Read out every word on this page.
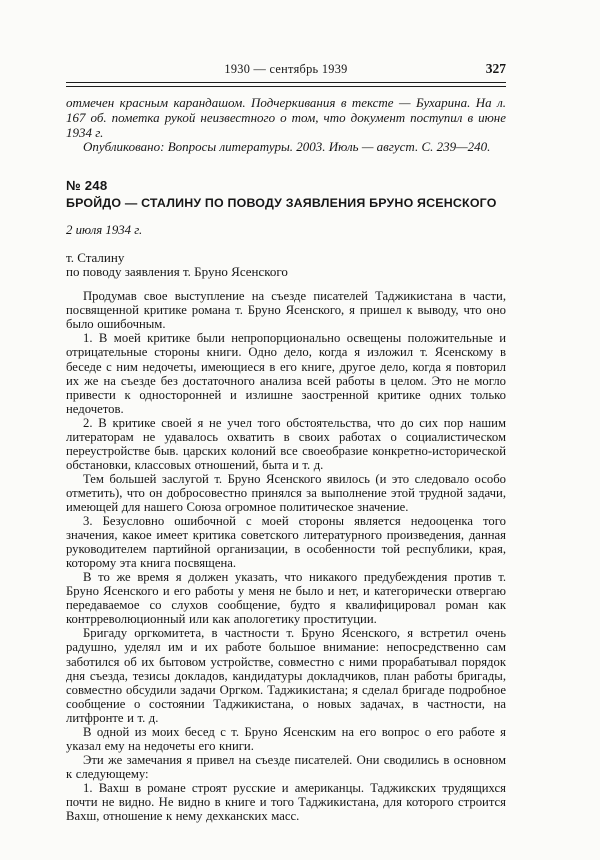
1930 — сентябрь 1939	327

отмечен красным карандашом. Подчеркивания в тексте — Бухарина. На л. 167 об. пометка рукой неизвестного о том, что документ поступил в июне 1934 г.

Опубликовано: Вопросы литературы. 2003. Июль — август. С. 239—240.

№ 248
БРОЙДО — СТАЛИНУ ПО ПОВОДУ ЗАЯВЛЕНИЯ БРУНО ЯСЕНСКОГО
2 июля 1934 г.
т. Сталину
по поводу заявления т. Бруно Ясенского

Продумав свое выступление на съезде писателей Таджикистана в части, посвященной критике романа т. Бруно Ясенского, я пришел к выводу, что оно было ошибочным.

1. В моей критике были непропорционально освещены положительные и отрицательные стороны книги. Одно дело, когда я изложил т. Ясенскому в беседе с ним недочеты, имеющиеся в его книге, другое дело, когда я повторил их же на съезде без достаточного анализа всей работы в целом. Это не могло привести к односторонней и излишне заостренной критике одних только недочетов.

2. В критике своей я не учел того обстоятельства, что до сих пор нашим литераторам не удавалось охватить в своих работах о социалистическом переустройстве быв. царских колоний все своеобразие конкретно-исторической обстановки, классовых отношений, быта и т. д.

Тем большей заслугой т. Бруно Ясенского явилось (и это следовало особо отметить), что он добросовестно принялся за выполнение этой трудной задачи, имеющей для нашего Союза огромное политическое значение.

3. Безусловно ошибочной с моей стороны является недооценка того значения, какое имеет критика советского литературного произведения, данная руководителем партийной организации, в особенности той республики, края, которому эта книга посвящена.

В то же время я должен указать, что никакого предубеждения против т. Бруно Ясенского и его работы у меня не было и нет, и категорически отвергаю передаваемое со слухов сообщение, будто я квалифицировал роман как контрреволюционный или как апологетику проституции.

Бригаду оргкомитета, в частности т. Бруно Ясенского, я встретил очень радушно, уделял им и их работе большое внимание: непосредственно сам заботился об их бытовом устройстве, совместно с ними прорабатывал порядок дня съезда, тезисы докладов, кандидатуры докладчиков, план работы бригады, совместно обсудили задачи Оргком. Таджикистана; я сделал бригаде подробное сообщение о состоянии Таджикистана, о новых задачах, в частности, на литфронте и т. д.

В одной из моих бесед с т. Бруно Ясенским на его вопрос о его работе я указал ему на недочеты его книги.

Эти же замечания я привел на съезде писателей. Они сводились в основном к следующему:

1. Вахш в романе строят русские и американцы. Таджикских трудящихся почти не видно. Не видно в книге и того Таджикистана, для которого строится Вахш, отношение к нему дехканских масс.
